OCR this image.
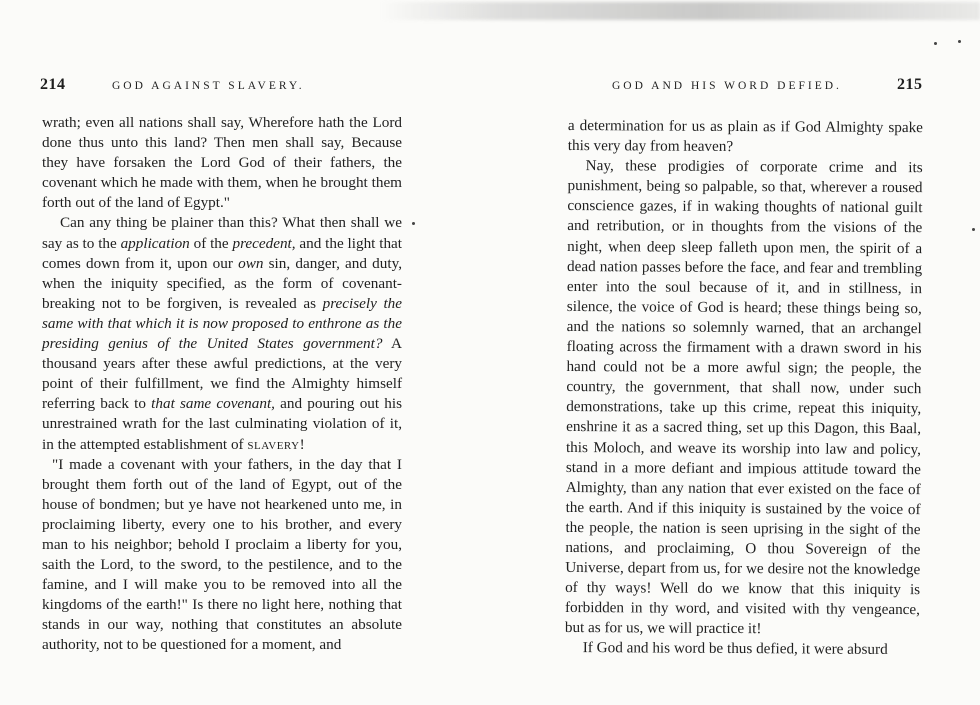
214	GOD AGAINST SLAVERY.

wrath; even all nations shall say, Wherefore hath the Lord done thus unto this land? Then men shall say, Because they have forsaken the Lord God of their fathers, the covenant which he made with them, when he brought them forth out of the land of Egypt."

Can any thing be plainer than this? What then shall we say as to the application of the precedent, and the light that comes down from it, upon our own sin, danger, and duty, when the iniquity specified, as the form of covenant-breaking not to be forgiven, is revealed as precisely the same with that which it is now proposed to enthrone as the presiding genius of the United States government? A thousand years after these awful predictions, at the very point of their fulfillment, we find the Almighty himself referring back to that same covenant, and pouring out his unrestrained wrath for the last culminating violation of it, in the attempted establishment of slavery!

"I made a covenant with your fathers, in the day that I brought them forth out of the land of Egypt, out of the house of bondmen; but ye have not hearkened unto me, in proclaiming liberty, every one to his brother, and every man to his neighbor; behold I proclaim a liberty for you, saith the Lord, to the sword, to the pestilence, and to the famine, and I will make you to be removed into all the kingdoms of the earth!" Is there no light here, nothing that stands in our way, nothing that constitutes an absolute authority, not to be questioned for a moment, and

GOD AND HIS WORD DEFIED.	215

a determination for us as plain as if God Almighty spake this very day from heaven?

Nay, these prodigies of corporate crime and its punishment, being so palpable, so that, wherever a roused conscience gazes, if in waking thoughts of national guilt and retribution, or in thoughts from the visions of the night, when deep sleep falleth upon men, the spirit of a dead nation passes before the face, and fear and trembling enter into the soul because of it, and in stillness, in silence, the voice of God is heard; these things being so, and the nations so solemnly warned, that an archangel floating across the firmament with a drawn sword in his hand could not be a more awful sign; the people, the country, the government, that shall now, under such demonstrations, take up this crime, repeat this iniquity, enshrine it as a sacred thing, set up this Dagon, this Baal, this Moloch, and weave its worship into law and policy, stand in a more defiant and impious attitude toward the Almighty, than any nation that ever existed on the face of the earth. And if this iniquity is sustained by the voice of the people, the nation is seen uprising in the sight of the nations, and proclaiming, O thou Sovereign of the Universe, depart from us, for we desire not the knowledge of thy ways! Well do we know that this iniquity is forbidden in thy word, and visited with thy vengeance, but as for us, we will practice it!

If God and his word be thus defied, it were absurd
